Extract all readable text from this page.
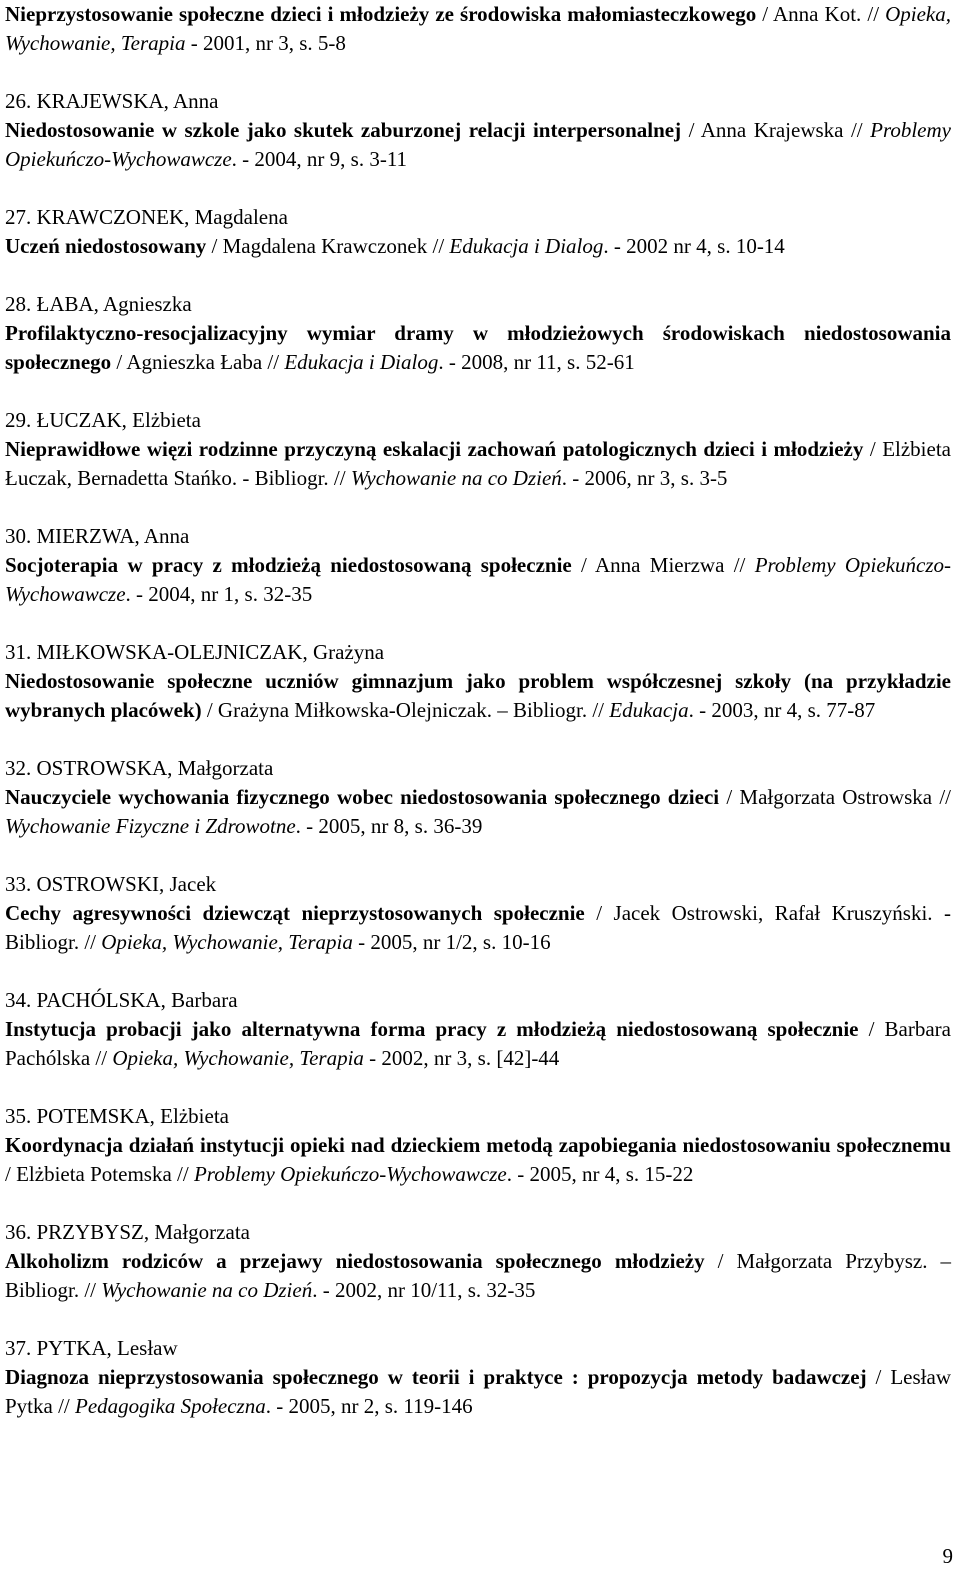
Nieprzystosowanie społeczne dzieci i młodzieży ze środowiska małomiasteczkowego / Anna Kot. // Opieka, Wychowanie, Terapia - 2001, nr 3, s. 5-8

26. KRAJEWSKA, Anna

Niedostosowanie w szkole jako skutek zaburzonej relacji interpersonalnej / Anna Krajewska // Problemy Opiekuńczo-Wychowawcze. - 2004, nr 9, s. 3-11

27. KRAWCZONEK, Magdalena

Uczeń niedostosowany / Magdalena Krawczonek // Edukacja i Dialog. - 2002 nr 4, s. 10-14

28. ŁABA, Agnieszka

Profilaktyczno-resocjalizacyjny wymiar dramy w młodzieżowych środowiskach niedostosowania społecznego / Agnieszka Łaba // Edukacja i Dialog. - 2008, nr 11, s. 52-61

29. ŁUCZAK, Elżbieta

Nieprawidłowe więzi rodzinne przyczyną eskalacji zachowań patologicznych dzieci i młodzieży / Elżbieta Łuczak, Bernadetta Stańko. - Bibliogr. // Wychowanie na co Dzień. - 2006, nr 3, s. 3-5

30. MIERZWA, Anna

Socjoterapia w pracy z młodzieżą niedostosowaną społecznie / Anna Mierzwa // Problemy Opiekuńczo-Wychowawcze. - 2004, nr 1, s. 32-35

31. MIŁKOWSKA-OLEJNICZAK, Grażyna

Niedostosowanie społeczne uczniów gimnazjum jako problem współczesnej szkoły (na przykładzie wybranych placówek) / Grażyna Miłkowska-Olejniczak. – Bibliogr. // Edukacja. - 2003, nr 4, s. 77-87

32. OSTROWSKA, Małgorzata

Nauczyciele wychowania fizycznego wobec niedostosowania społecznego dzieci / Małgorzata Ostrowska // Wychowanie Fizyczne i Zdrowotne. - 2005, nr 8, s. 36-39

33. OSTROWSKI, Jacek

Cechy agresywności dziewcząt nieprzystosowanych społecznie / Jacek Ostrowski, Rafał Kruszyński. - Bibliogr. // Opieka, Wychowanie, Terapia - 2005, nr 1/2, s. 10-16

34. PACHÓLSKA, Barbara

Instytucja probacji jako alternatywna forma pracy z młodzieżą niedostosowaną społecznie / Barbara Pachólska // Opieka, Wychowanie, Terapia - 2002, nr 3, s. [42]-44

35. POTEMSKA, Elżbieta

Koordynacja działań instytucji opieki nad dzieckiem metodą zapobiegania niedostosowaniu społecznemu / Elżbieta Potemska // Problemy Opiekuńczo-Wychowawcze. - 2005, nr 4, s. 15-22

36. PRZYBYSZ, Małgorzata

Alkoholizm rodziców a przejawy niedostosowania społecznego młodzieży / Małgorzata Przybysz. – Bibliogr. // Wychowanie na co Dzień. - 2002, nr 10/11, s. 32-35

37. PYTKA, Lesław

Diagnoza nieprzystosowania społecznego w teorii i praktyce : propozycja metody badawczej / Lesław Pytka // Pedagogika Społeczna. - 2005, nr 2, s. 119-146

9
